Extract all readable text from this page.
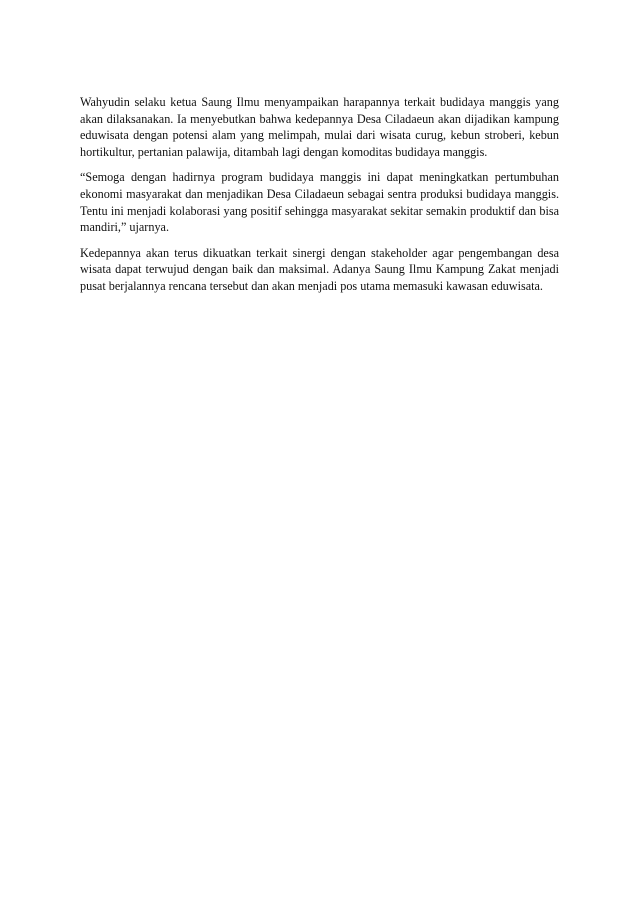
Wahyudin selaku ketua Saung Ilmu menyampaikan harapannya terkait budidaya manggis yang akan dilaksanakan. Ia menyebutkan bahwa kedepannya Desa Ciladaeun akan dijadikan kampung eduwisata dengan potensi alam yang melimpah, mulai dari wisata curug, kebun stroberi, kebun hortikultur, pertanian palawija, ditambah lagi dengan komoditas budidaya manggis.

“Semoga dengan hadirnya program budidaya manggis ini dapat meningkatkan pertumbuhan ekonomi masyarakat dan menjadikan Desa Ciladaeun sebagai sentra produksi budidaya manggis. Tentu ini menjadi kolaborasi yang positif sehingga masyarakat sekitar semakin produktif dan bisa mandiri,” ujarnya.

Kedepannya akan terus dikuatkan terkait sinergi dengan stakeholder agar pengembangan desa wisata dapat terwujud dengan baik dan maksimal. Adanya Saung Ilmu Kampung Zakat menjadi pusat berjalannya rencana tersebut dan akan menjadi pos utama memasuki kawasan eduwisata.
